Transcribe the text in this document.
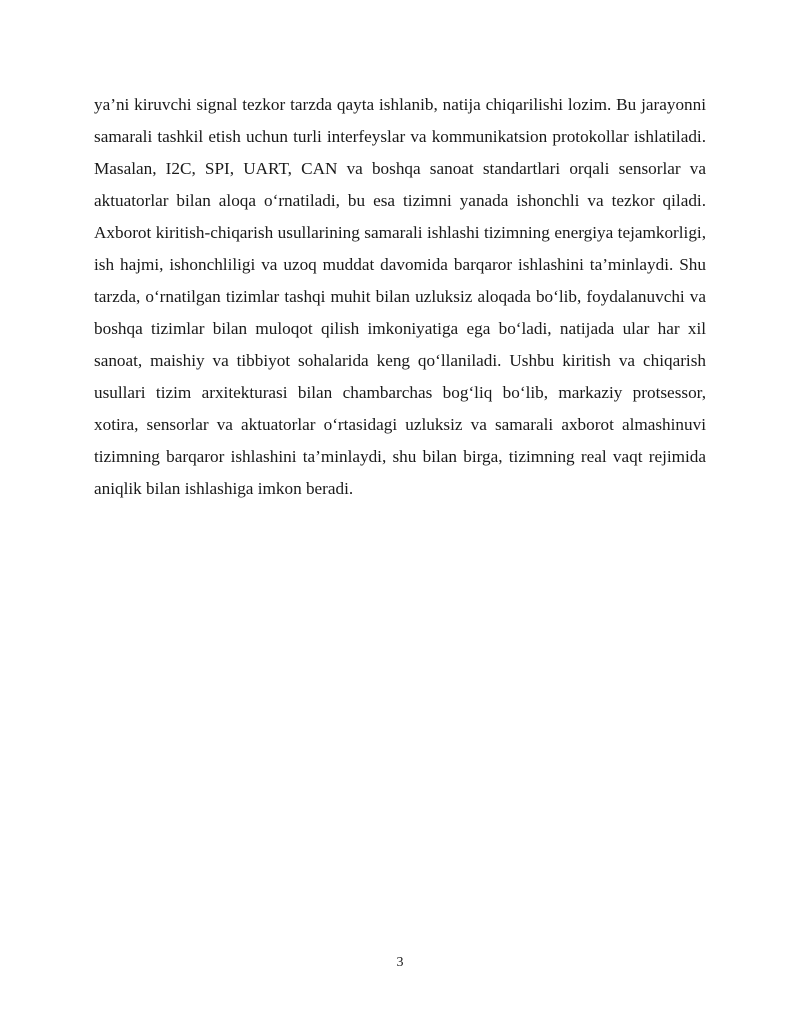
ya’ni kiruvchi signal tezkor tarzda qayta ishlanib, natija chiqarilishi lozim. Bu jarayonni samarali tashkil etish uchun turli interfeyslar va kommunikatsion protokollar ishlatiladi. Masalan, I2C, SPI, UART, CAN va boshqa sanoat standartlari orqali sensorlar va aktuatorlar bilan aloqa o‘rnatiladi, bu esa tizimni yanada ishonchli va tezkor qiladi. Axborot kiritish-chiqarish usullarining samarali ishlashi tizimning energiya tejamkorligi, ish hajmi, ishonchliligi va uzoq muddat davomida barqaror ishlashini ta’minlaydi. Shu tarzda, o‘rnatilgan tizimlar tashqi muhit bilan uzluksiz aloqada bo‘lib, foydalanuvchi va boshqa tizimlar bilan muloqot qilish imkoniyatiga ega bo‘ladi, natijada ular har xil sanoat, maishiy va tibbiyot sohalarida keng qo‘llaniladi. Ushbu kiritish va chiqarish usullari tizim arxitekturasi bilan chambarchas bog‘liq bo‘lib, markaziy protsessor, xotira, sensorlar va aktuatorlar o‘rtasidagi uzluksiz va samarali axborot almashinuvi tizimning barqaror ishlashini ta’minlaydi, shu bilan birga, tizimning real vaqt rejimida aniqlik bilan ishlashiga imkon beradi.

3
